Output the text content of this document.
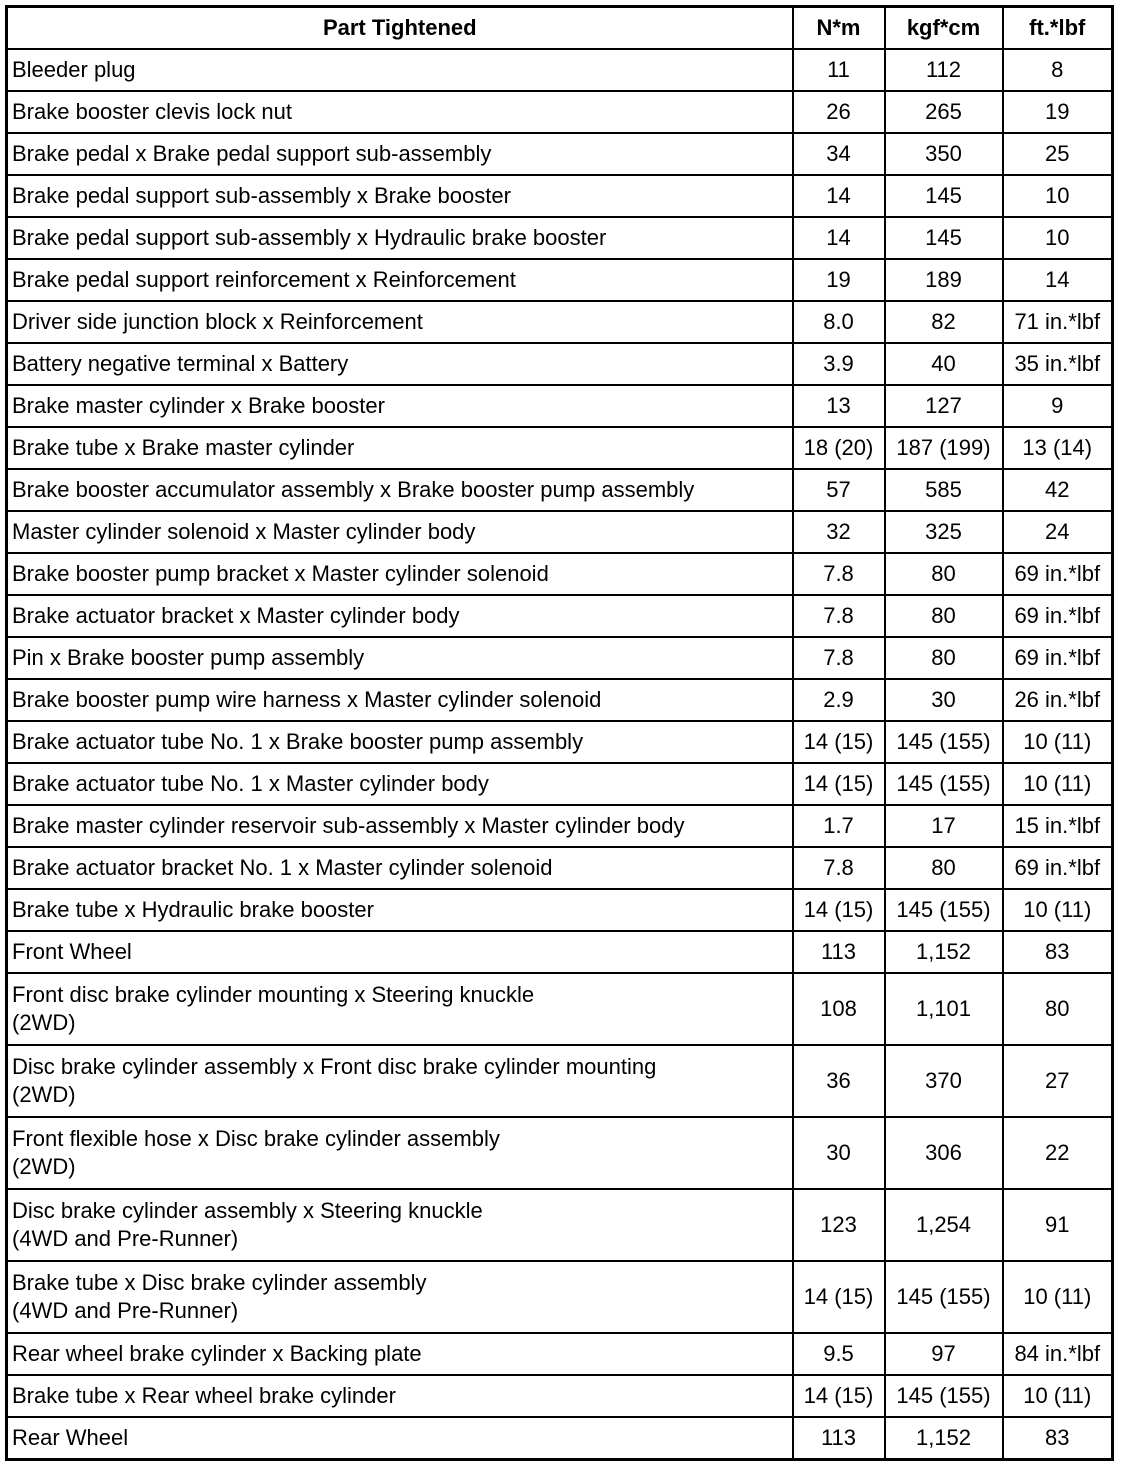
Part Tightened	N*m	kgf*cm	ft.*lbf

Bleeder plug	11	112	8

Brake booster clevis lock nut	26	265	19

Brake pedal x Brake pedal support sub-assembly	34	350	25

Brake pedal support sub-assembly x Brake booster	14	145	10

Brake pedal support sub-assembly x Hydraulic brake booster	14	145	10

Brake pedal support reinforcement x Reinforcement	19	189	14

Driver side junction block x Reinforcement	8.0	82	71 in.*lbf

Battery negative terminal x Battery	3.9	40	35 in.*lbf

Brake master cylinder x Brake booster	13	127	9

Brake tube x Brake master cylinder	18 (20)	187 (199)	13 (14)

Brake booster accumulator assembly x Brake booster pump assembly	57	585	42

Master cylinder solenoid x Master cylinder body	32	325	24

Brake booster pump bracket x Master cylinder solenoid	7.8	80	69 in.*lbf

Brake actuator bracket x Master cylinder body	7.8	80	69 in.*lbf

Pin x Brake booster pump assembly	7.8	80	69 in.*lbf

Brake booster pump wire harness x Master cylinder solenoid	2.9	30	26 in.*lbf

Brake actuator tube No. 1 x Brake booster pump assembly	14 (15)	145 (155)	10 (11)

Brake actuator tube No. 1 x Master cylinder body	14 (15)	145 (155)	10 (11)

Brake master cylinder reservoir sub-assembly x Master cylinder body	1.7	17	15 in.*lbf

Brake actuator bracket No. 1 x Master cylinder solenoid	7.8	80	69 in.*lbf

Brake tube x Hydraulic brake booster	14 (15)	145 (155)	10 (11)

Front Wheel	113	1,152	83

Front disc brake cylinder mounting x Steering knuckle
(2WD)	108	1,101	80

Disc brake cylinder assembly x Front disc brake cylinder mounting
(2WD)	36	370	27

Front flexible hose x Disc brake cylinder assembly
(2WD)	30	306	22

Disc brake cylinder assembly x Steering knuckle
(4WD and Pre-Runner)	123	1,254	91

Brake tube x Disc brake cylinder assembly
(4WD and Pre-Runner)	14 (15)	145 (155)	10 (11)

Rear wheel brake cylinder x Backing plate	9.5	97	84 in.*lbf

Brake tube x Rear wheel brake cylinder	14 (15)	145 (155)	10 (11)

Rear Wheel	113	1,152	83
